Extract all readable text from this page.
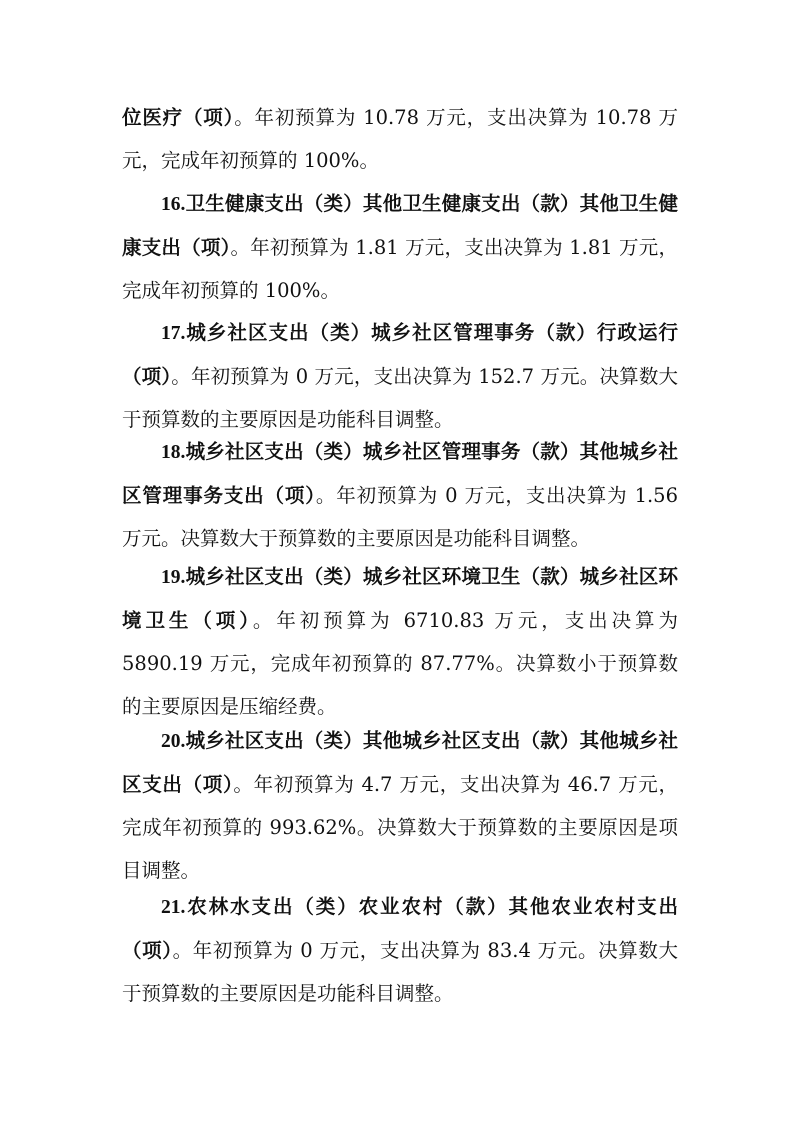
位医疗（项）。年初预算为 10.78 万元，支出决算为 10.78 万元，完成年初预算的 100%。

16.卫生健康支出（类）其他卫生健康支出（款）其他卫生健康支出（项）。年初预算为 1.81 万元，支出决算为 1.81 万元，完成年初预算的 100%。

17.城乡社区支出（类）城乡社区管理事务（款）行政运行（项）。年初预算为 0 万元，支出决算为 152.7 万元。决算数大于预算数的主要原因是功能科目调整。

18.城乡社区支出（类）城乡社区管理事务（款）其他城乡社区管理事务支出（项）。年初预算为 0 万元，支出决算为 1.56 万元。决算数大于预算数的主要原因是功能科目调整。

19.城乡社区支出（类）城乡社区环境卫生（款）城乡社区环境卫生（项）。年初预算为 6710.83 万元，支出决算为 5890.19 万元，完成年初预算的 87.77%。决算数小于预算数的主要原因是压缩经费。

20.城乡社区支出（类）其他城乡社区支出（款）其他城乡社区支出（项）。年初预算为 4.7 万元，支出决算为 46.7 万元，完成年初预算的 993.62%。决算数大于预算数的主要原因是项目调整。

21.农林水支出（类）农业农村（款）其他农业农村支出（项）。年初预算为 0 万元，支出决算为 83.4 万元。决算数大于预算数的主要原因是功能科目调整。
